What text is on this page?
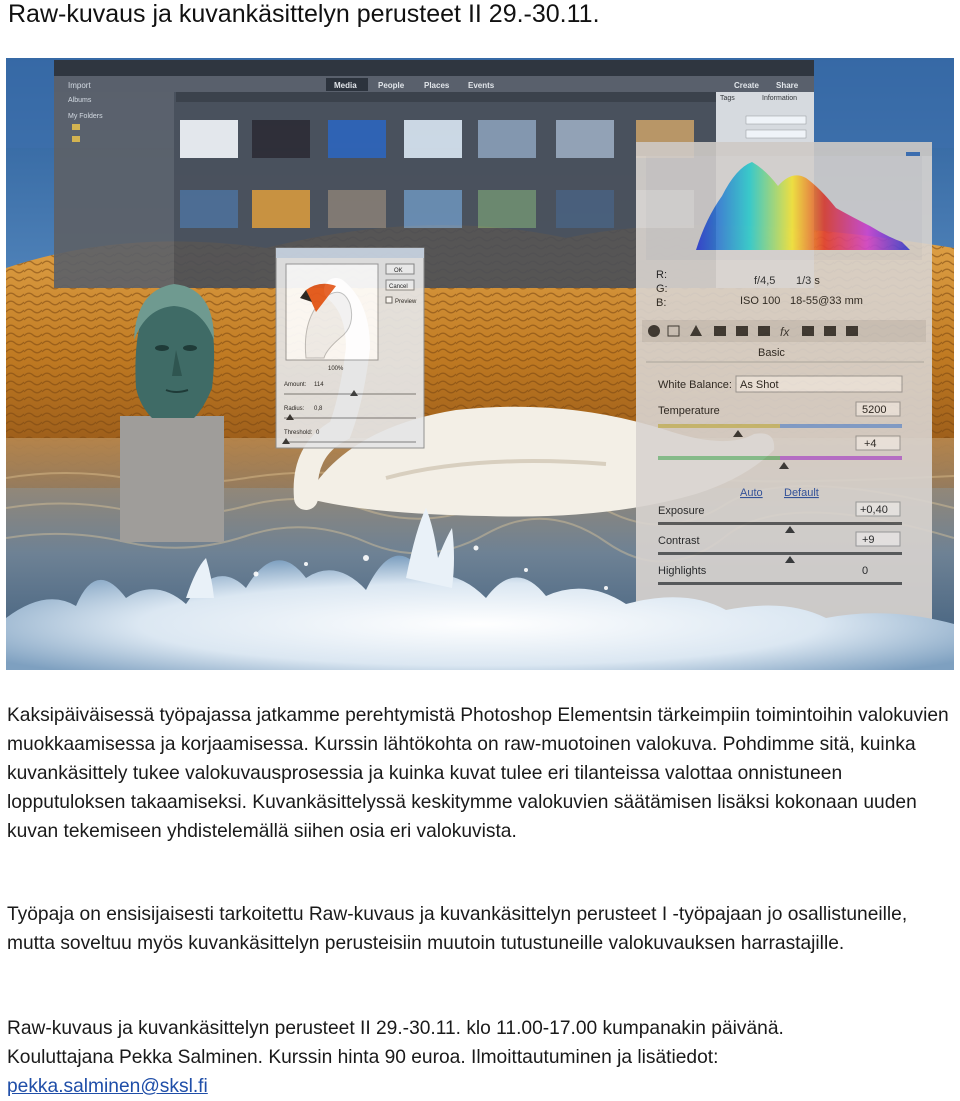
Raw-kuvaus ja kuvankäsittelyn perusteet II 29.-30.11.
Import
Albums
My Folders
Media	People Places Events	Create Share
Tags	Information
OK
Cancel
Preview
100%
Amount: 114
Radius: 0,8
Threshold: 0
R:
G:
B:
f/4,5 1/3 s
ISO 100 18-55@33 mm
fx
Basic
White Balance: As Shot
Temperature	5200
+4
Auto Default
Exposure	+0,40
Contrast	+9
Highlights	0

Kaksipäiväisessä työpajassa jatkamme perehtymistä Photoshop Elementsin tärkeimpiin toimintoihin valokuvien muokkaamisessa ja korjaamisessa. Kurssin lähtökohta on raw-muotoinen valokuva. Pohdimme sitä, kuinka kuvankäsittely tukee valokuvausprosessia ja kuinka kuvat tulee eri tilanteissa valottaa onnistuneen lopputuloksen takaamiseksi. Kuvankäsittelyssä keskitymme valokuvien säätämisen lisäksi kokonaan uuden kuvan tekemiseen yhdistelemällä siihen osia eri valokuvista.

Työpaja on ensisijaisesti tarkoitettu Raw-kuvaus ja kuvankäsittelyn perusteet I -työpajaan jo osallistuneille, mutta soveltuu myös kuvankäsittelyn perusteisiin muutoin tutustuneille valokuvauksen harrastajille.

Raw-kuvaus ja kuvankäsittelyn perusteet II 29.-30.11. klo 11.00-17.00 kumpanakin päivänä.
Kouluttajana Pekka Salminen. Kurssin hinta 90 euroa. Ilmoittautuminen ja lisätiedot:
pekka.salminen@sksl.fi
